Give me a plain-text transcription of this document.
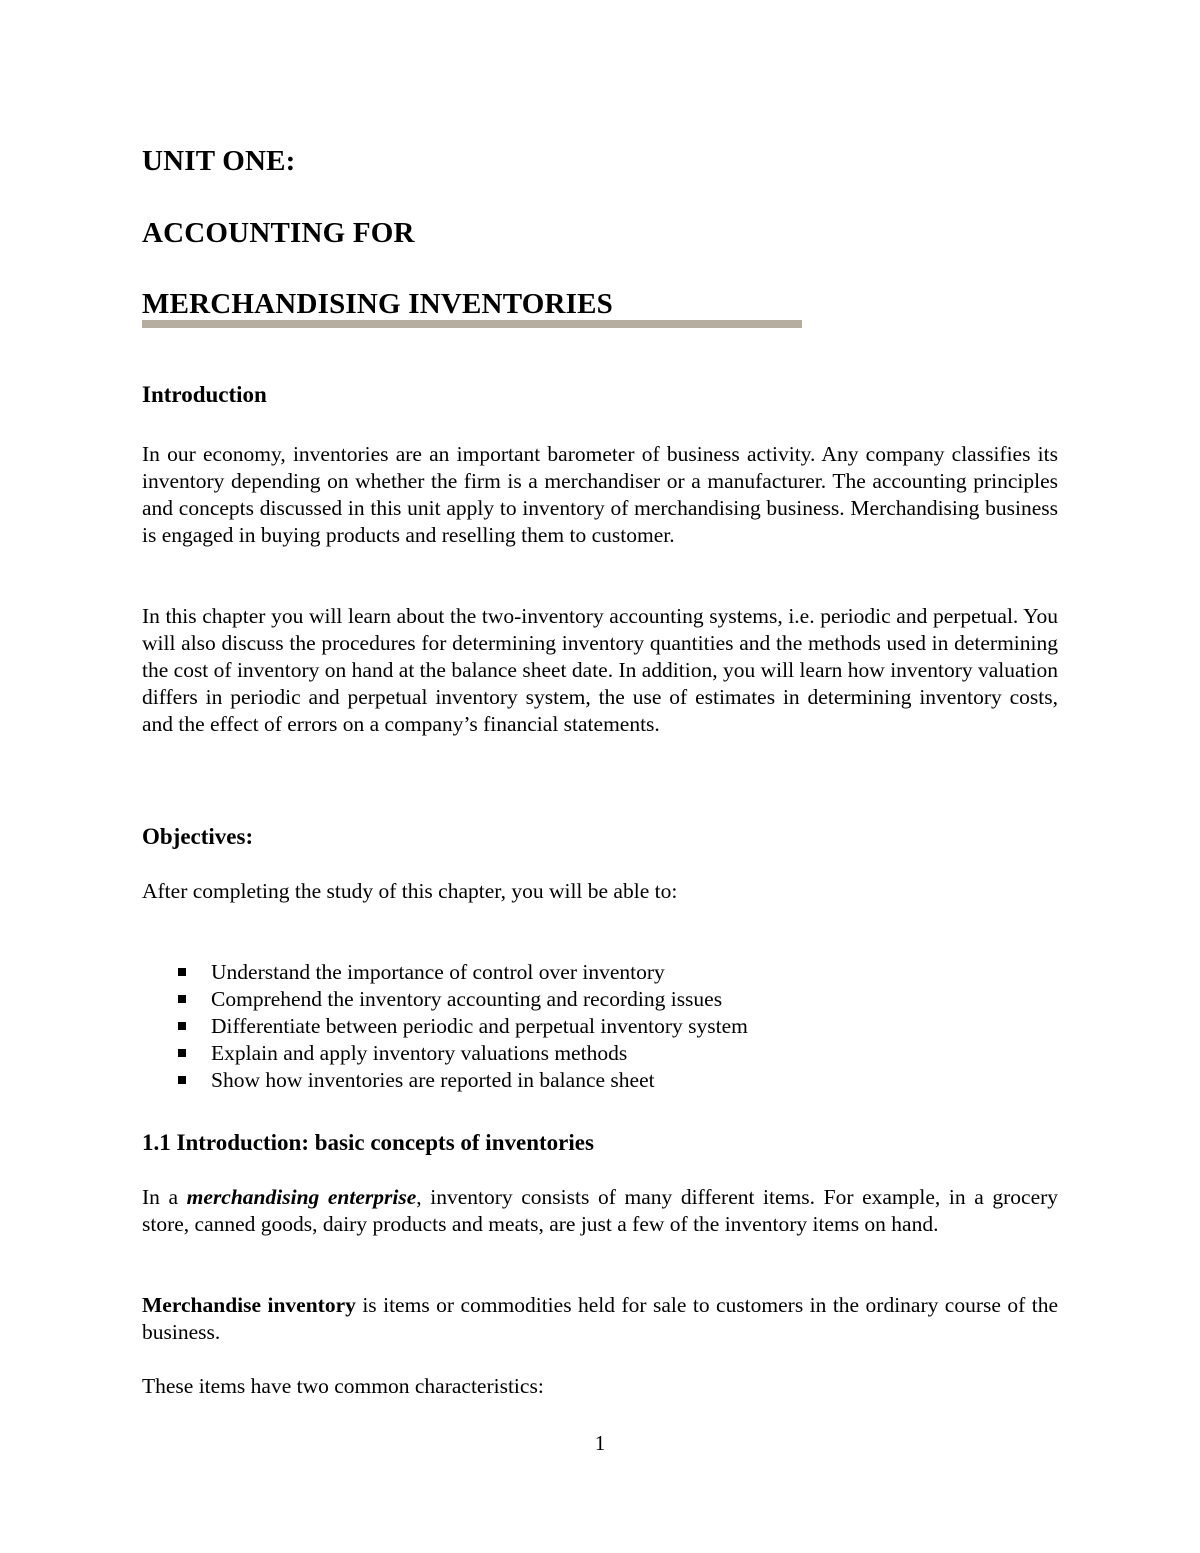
UNIT ONE:
ACCOUNTING FOR
MERCHANDISING INVENTORIES
Introduction

In our economy, inventories are an important barometer of business activity. Any company classifies its inventory depending on whether the firm is a merchandiser or a manufacturer. The accounting principles and concepts discussed in this unit apply to inventory of merchandising business. Merchandising business is engaged in buying products and reselling them to customer.

In this chapter you will learn about the two-inventory accounting systems, i.e. periodic and perpetual. You will also discuss the procedures for determining inventory quantities and the methods used in determining the cost of inventory on hand at the balance sheet date. In addition, you will learn how inventory valuation differs in periodic and perpetual inventory system, the use of estimates in determining inventory costs, and the effect of errors on a company’s financial statements.

Objectives:

After completing the study of this chapter, you will be able to:

Understand the importance of control over inventory
Comprehend the inventory accounting and recording issues
Differentiate between periodic and perpetual inventory system
Explain and apply inventory valuations methods
Show how inventories are reported in balance sheet
1.1 Introduction: basic concepts of inventories

In a merchandising enterprise, inventory consists of many different items. For example, in a grocery store, canned goods, dairy products and meats, are just a few of the inventory items on hand.

Merchandise inventory is items or commodities held for sale to customers in the ordinary course of the business.

These items have two common characteristics:

1
